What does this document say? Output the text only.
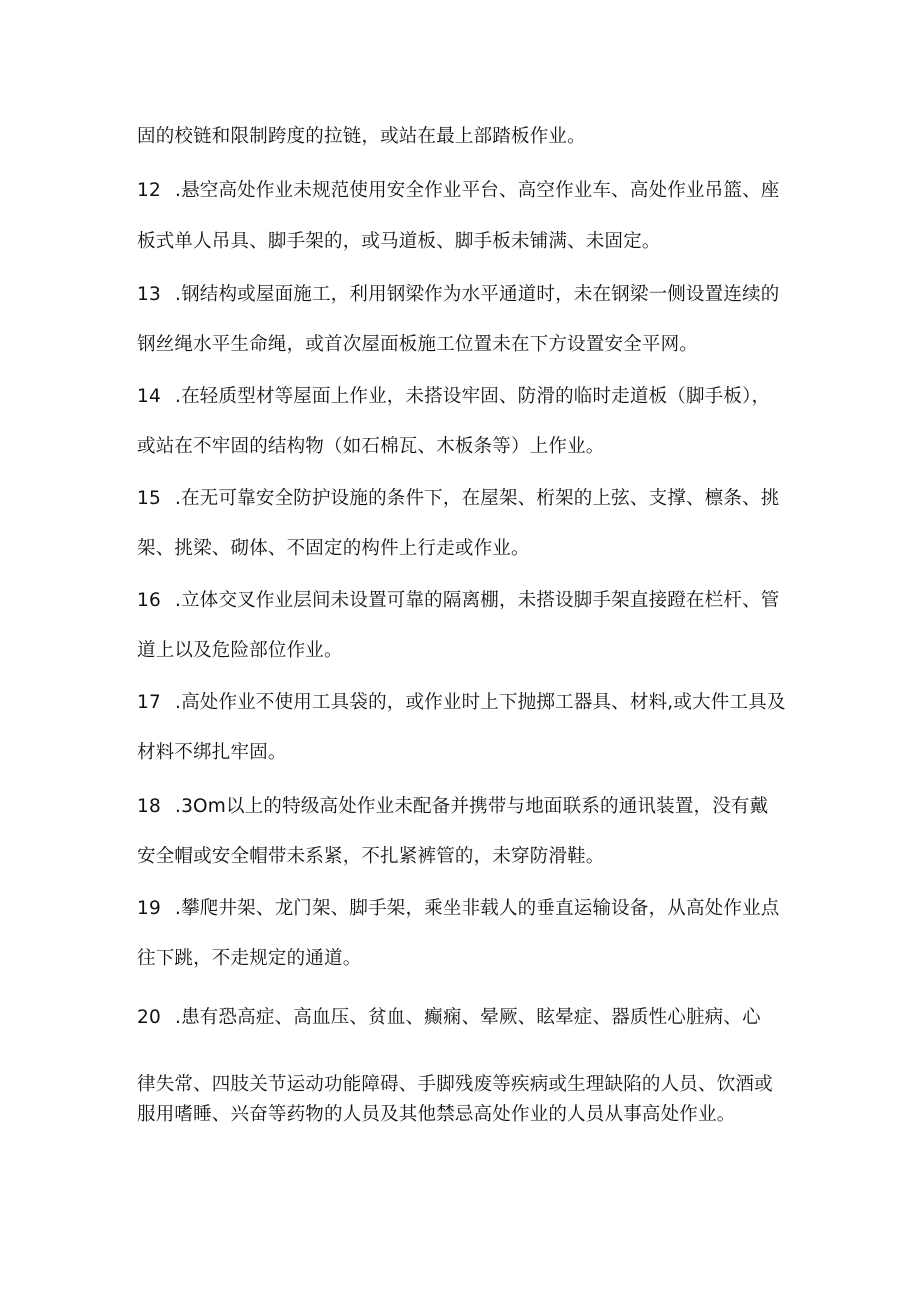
固的校链和限制跨度的拉链，或站在最上部踏板作业。
12 .悬空高处作业未规范使用安全作业平台、高空作业车、高处作业吊篮、座
板式单人吊具、脚手架的，或马道板、脚手板未铺满、未固定。
13 .钢结构或屋面施工，利用钢梁作为水平通道时，未在钢梁一侧设置连续的
钢丝绳水平生命绳，或首次屋面板施工位置未在下方设置安全平网。
14 .在轻质型材等屋面上作业，未搭设牢固、防滑的临时走道板（脚手板），
或站在不牢固的结构物（如石棉瓦、木板条等）上作业。
15 .在无可靠安全防护设施的条件下，在屋架、桁架的上弦、支撑、檩条、挑
架、挑梁、砌体、不固定的构件上行走或作业。
16 .立体交叉作业层间未设置可靠的隔离棚，未搭设脚手架直接蹬在栏杆、管
道上以及危险部位作业。
17 .高处作业不使用工具袋的，或作业时上下抛掷工器具、材料,或大件工具及
材料不绑扎牢固。
18 .3Om以上的特级高处作业未配备并携带与地面联系的通讯装置，没有戴
安全帽或安全帽带未系紧，不扎紧裤管的，未穿防滑鞋。
19 .攀爬井架、龙门架、脚手架，乘坐非载人的垂直运输设备，从高处作业点
往下跳，不走规定的通道。
20 .患有恐高症、高血压、贫血、癫痫、晕厥、眩晕症、器质性心脏病、心
律失常、四肢关节运动功能障碍、手脚残废等疾病或生理缺陷的人员、饮酒或
服用嗜睡、兴奋等药物的人员及其他禁忌高处作业的人员从事高处作业。
